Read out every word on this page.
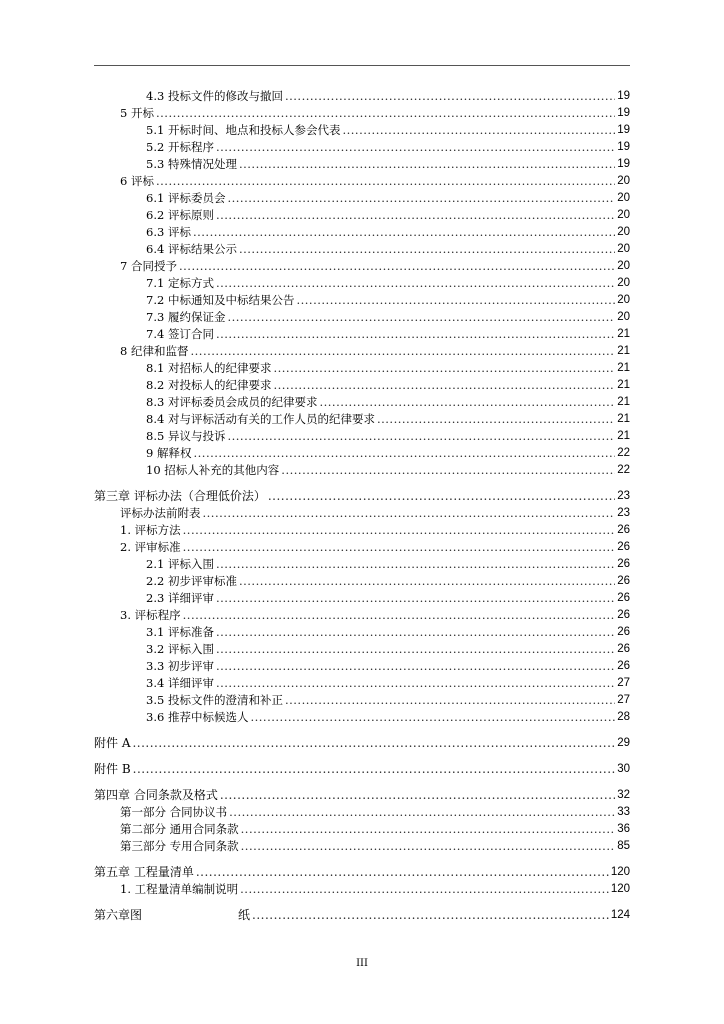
4.3 投标文件的修改与撤回 .....	19
5 开标 .....	19
5.1 开标时间、地点和投标人参会代表 .....	19
5.2 开标程序 .....	19
5.3 特殊情况处理 .....	19
6 评标 .....	20
6.1 评标委员会 .....	20
6.2 评标原则 .....	20
6.3 评标 .....	20
6.4 评标结果公示 .....	20
7 合同授予 .....	20
7.1 定标方式 .....	20
7.2 中标通知及中标结果公告 .....	20
7.3 履约保证金 .....	20
7.4 签订合同 .....	21
8 纪律和监督 .....	21
8.1 对招标人的纪律要求 .....	21
8.2 对投标人的纪律要求 .....	21
8.3 对评标委员会成员的纪律要求 .....	21
8.4 对与评标活动有关的工作人员的纪律要求 .....	21
8.5 异议与投诉 .....	21
9 解释权 .....	22
10 招标人补充的其他内容 .....	22
第三章 评标办法（合理低价法） .....	23
评标办法前附表 .....	23
1. 评标方法 .....	26
2. 评审标准 .....	26
2.1 评标入围 .....	26
2.2 初步评审标准 .....	26
2.3 详细评审 .....	26
3. 评标程序 .....	26
3.1 评标准备 .....	26
3.2 评标入围 .....	26
3.3 初步评审 .....	26
3.4 详细评审 .....	27
3.5 投标文件的澄清和补正 .....	27
3.6 推荐中标候选人 .....	28
附件 A .....	29
附件 B .....	30
第四章 合同条款及格式 .....	32
第一部分 合同协议书 .....	33
第二部分 通用合同条款 .....	36
第三部分 专用合同条款 .....	85
第五章 工程量清单 .....	120
1. 工程量清单编制说明 .....	120
第六章图　　　　　　　　纸 .....	124
III
